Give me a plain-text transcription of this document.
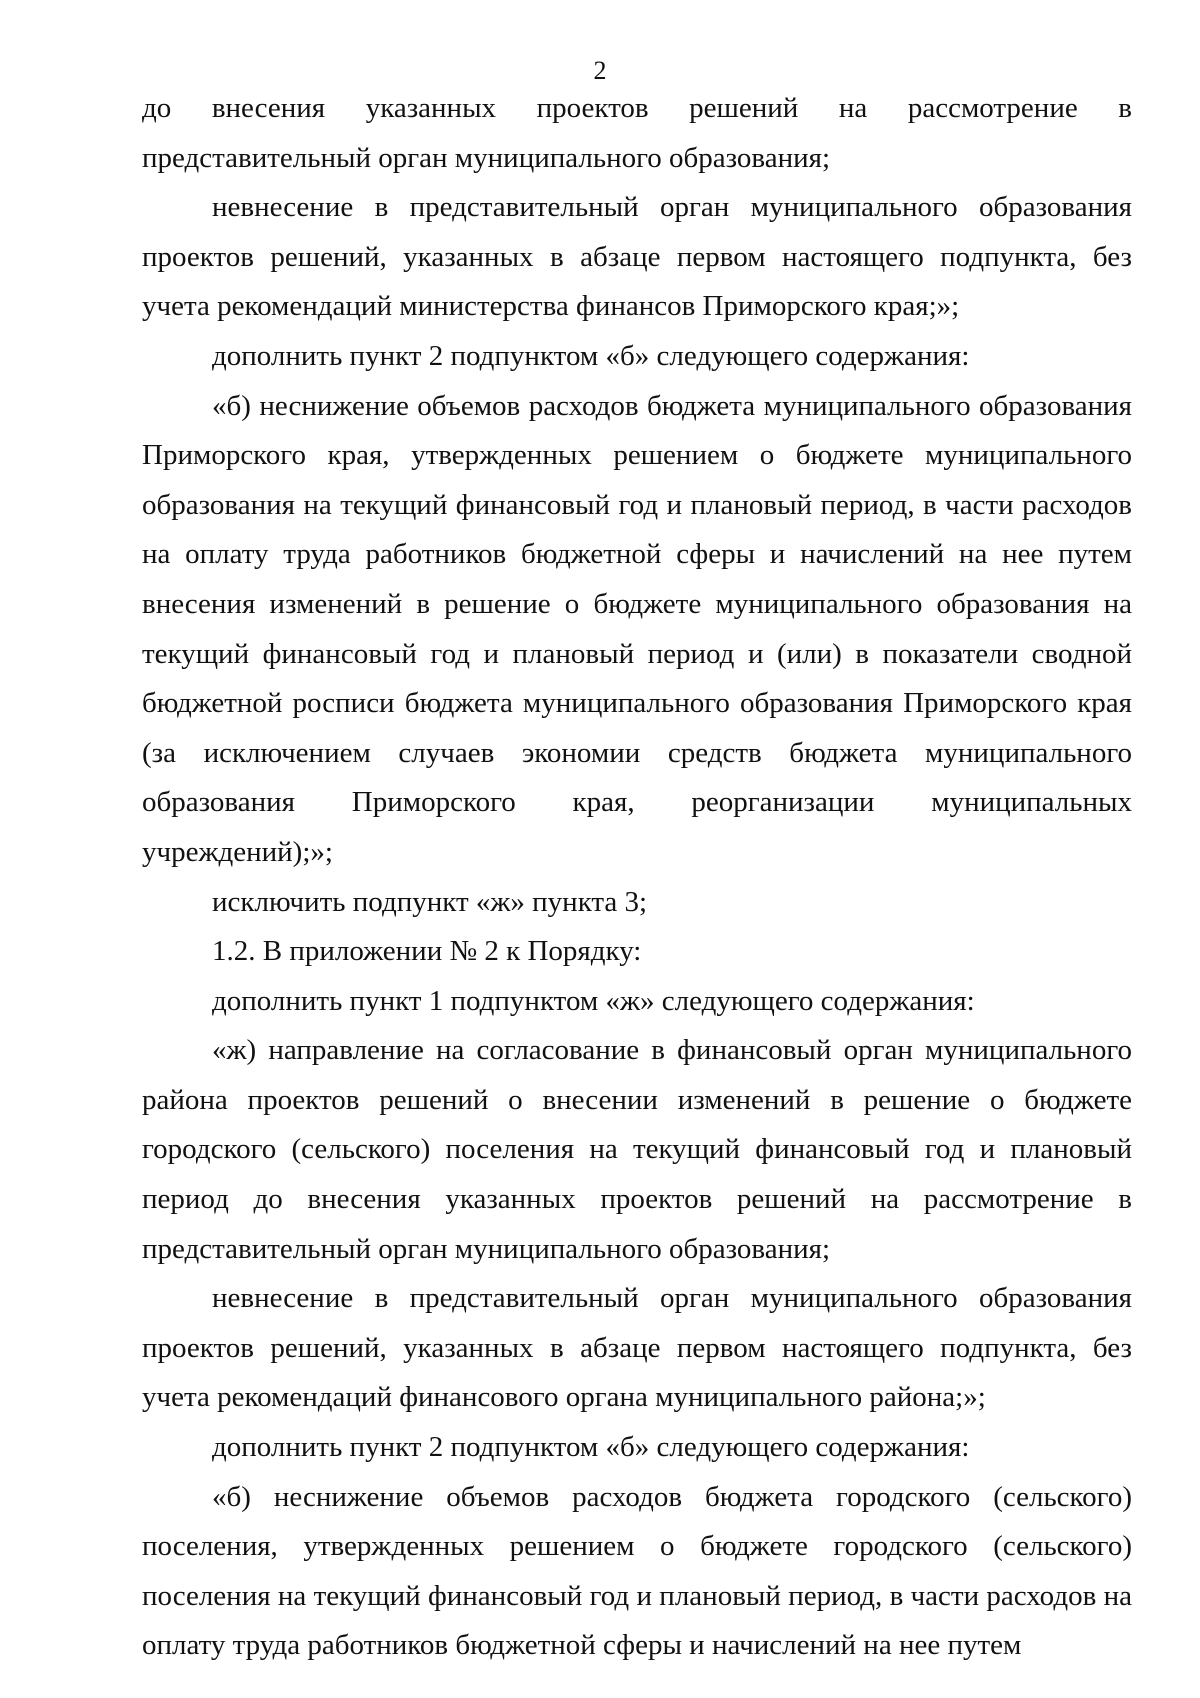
2

до внесения указанных проектов решений на рассмотрение в представительный орган муниципального образования;

невнесение в представительный орган муниципального образования проектов решений, указанных в абзаце первом настоящего подпункта, без учета рекомендаций министерства финансов Приморского края;»;

дополнить пункт 2 подпунктом «б» следующего содержания:

«б) неснижение объемов расходов бюджета муниципального образования Приморского края, утвержденных решением о бюджете муниципального образования на текущий финансовый год и плановый период, в части расходов на оплату труда работников бюджетной сферы и начислений на нее путем внесения изменений в решение о бюджете муниципального образования на текущий финансовый год и плановый период и (или) в показатели сводной бюджетной росписи бюджета муниципального образования Приморского края (за исключением случаев экономии средств бюджета муниципального образования Приморского края, реорганизации муниципальных учреждений);»;

исключить подпункт «ж» пункта 3;

1.2. В приложении № 2 к Порядку:

дополнить пункт 1 подпунктом «ж» следующего содержания:

«ж) направление на согласование в финансовый орган муниципального района проектов решений о внесении изменений в решение о бюджете городского (сельского) поселения на текущий финансовый год и плановый период до внесения указанных проектов решений на рассмотрение в представительный орган муниципального образования;

невнесение в представительный орган муниципального образования проектов решений, указанных в абзаце первом настоящего подпункта, без учета рекомендаций финансового органа муниципального района;»;

дополнить пункт 2 подпунктом «б» следующего содержания:

«б) неснижение объемов расходов бюджета городского (сельского) поселения, утвержденных решением о бюджете городского (сельского) поселения на текущий финансовый год и плановый период, в части расходов на оплату труда работников бюджетной сферы и начислений на нее путем
